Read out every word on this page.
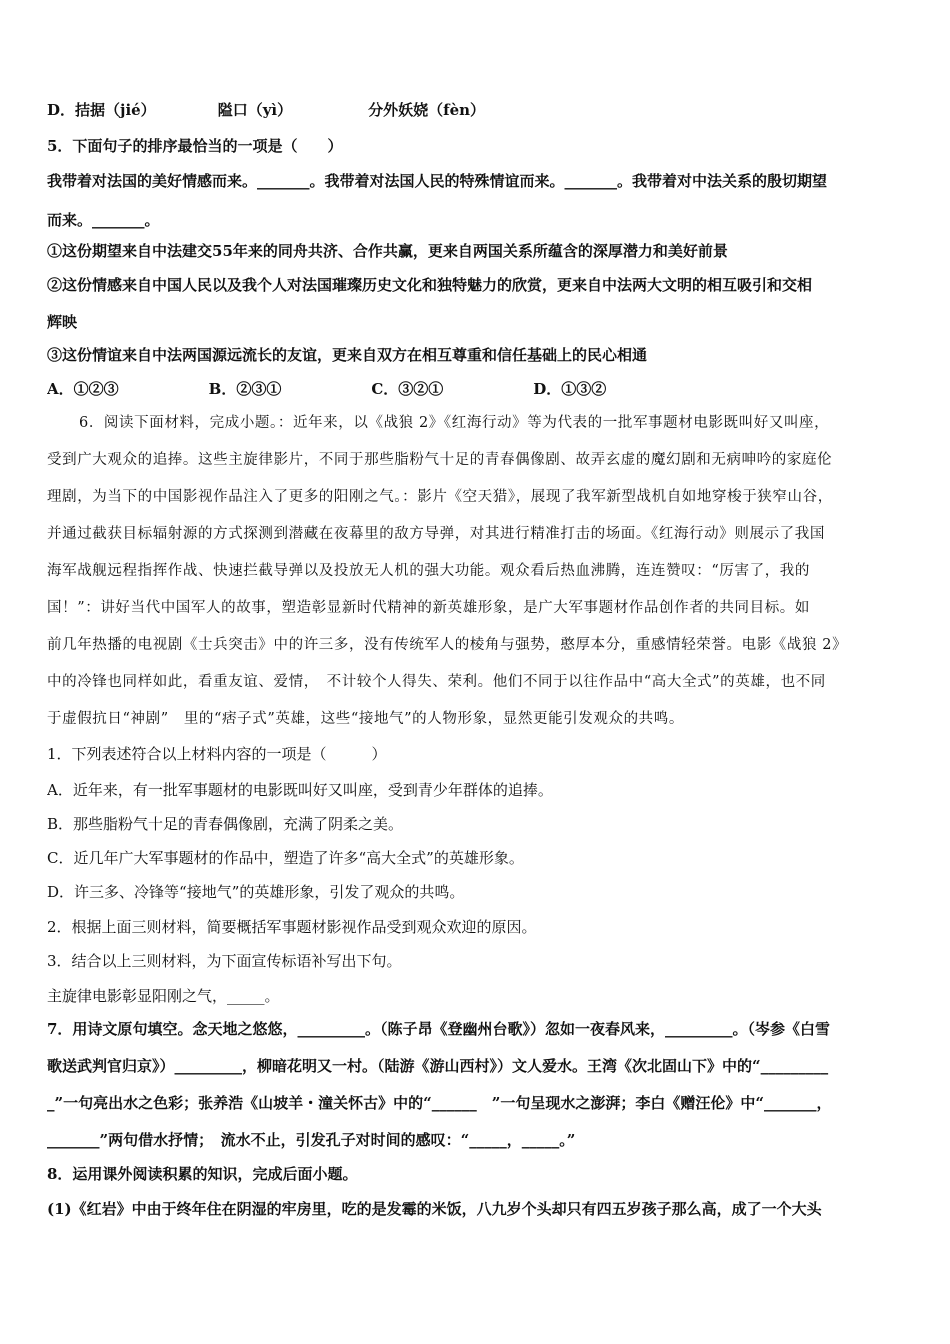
D．拮据（jié）	隘口（yì）	分外妖娆（fèn）
5．下面句子的排序最恰当的一项是（　　）
我带着对法国的美好情感而来。_______。我带着对法国人民的特殊情谊而来。_______。我带着对中法关系的殷切期望
而来。_______。
①这份期望来自中法建交55年来的同舟共济、合作共赢，更来自两国关系所蕴含的深厚潜力和美好前景
②这份情感来自中国人民以及我个人对法国璀璨历史文化和独特魅力的欣赏，更来自中法两大文明的相互吸引和交相
辉映
③这份情谊来自中法两国源远流长的友谊，更来自双方在相互尊重和信任基础上的民心相通
A．①②③	B．②③①	C．③②①	D．①③②
6．阅读下面材料，完成小题。：近年来，以《战狼 2》《红海行动》等为代表的一批军事题材电影既叫好又叫座，
受到广大观众的追捧。这些主旋律影片，不同于那些脂粉气十足的青春偶像剧、故弄玄虚的魔幻剧和无病呻吟的家庭伦
理剧，为当下的中国影视作品注入了更多的阳刚之气。：影片《空天猎》，展现了我军新型战机自如地穿梭于狭窄山谷，
并通过截获目标辐射源的方式探测到潜藏在夜幕里的敌方导弹，对其进行精准打击的场面。《红海行动》则展示了我国
海军战舰远程指挥作战、快速拦截导弹以及投放无人机的强大功能。观众看后热血沸腾，连连赞叹：“厉害了，我的
国！”：讲好当代中国军人的故事，塑造彰显新时代精神的新英雄形象，是广大军事题材作品创作者的共同目标。如
前几年热播的电视剧《士兵突击》中的许三多，没有传统军人的棱角与强势，憨厚本分，重感情轻荣誉。电影《战狼 2》
中的冷锋也同样如此，看重友谊、爱情，　不计较个人得失、荣利。他们不同于以往作品中“高大全式”的英雄，也不同
于虚假抗日“神剧”　里的“痞子式”英雄，这些“接地气”的人物形象，显然更能引发观众的共鸣。
1．下列表述符合以上材料内容的一项是（　　　）
A．近年来，有一批军事题材的电影既叫好又叫座，受到青少年群体的追捧。
B．那些脂粉气十足的青春偶像剧，充满了阴柔之美。
C．近几年广大军事题材的作品中，塑造了许多“高大全式”的英雄形象。
D．许三多、冷锋等“接地气”的英雄形象，引发了观众的共鸣。
2．根据上面三则材料，简要概括军事题材影视作品受到观众欢迎的原因。
3．结合以上三则材料，为下面宣传标语补写出下句。
主旋律电影彰显阳刚之气，_____。
7．用诗文原句填空。念天地之悠悠，_________。（陈子昂《登幽州台歌》）忽如一夜春风来，_________。（岑参《白雪
歌送武判官归京》）_________，柳暗花明又一村。（陆游《游山西村》）文人爱水。王湾《次北固山下》中的“_________
_”一句亮出水之色彩；张养浩《山坡羊・潼关怀古》中的“______　”一句呈现水之澎湃；李白《赠汪伦》中“_______，
_______”两句借水抒情；　流水不止，引发孔子对时间的感叹：“_____，_____。”
8．运用课外阅读积累的知识，完成后面小题。
(1)《红岩》中由于终年住在阴湿的牢房里，吃的是发霉的米饭，八九岁个头却只有四五岁孩子那么高，成了一个大头
